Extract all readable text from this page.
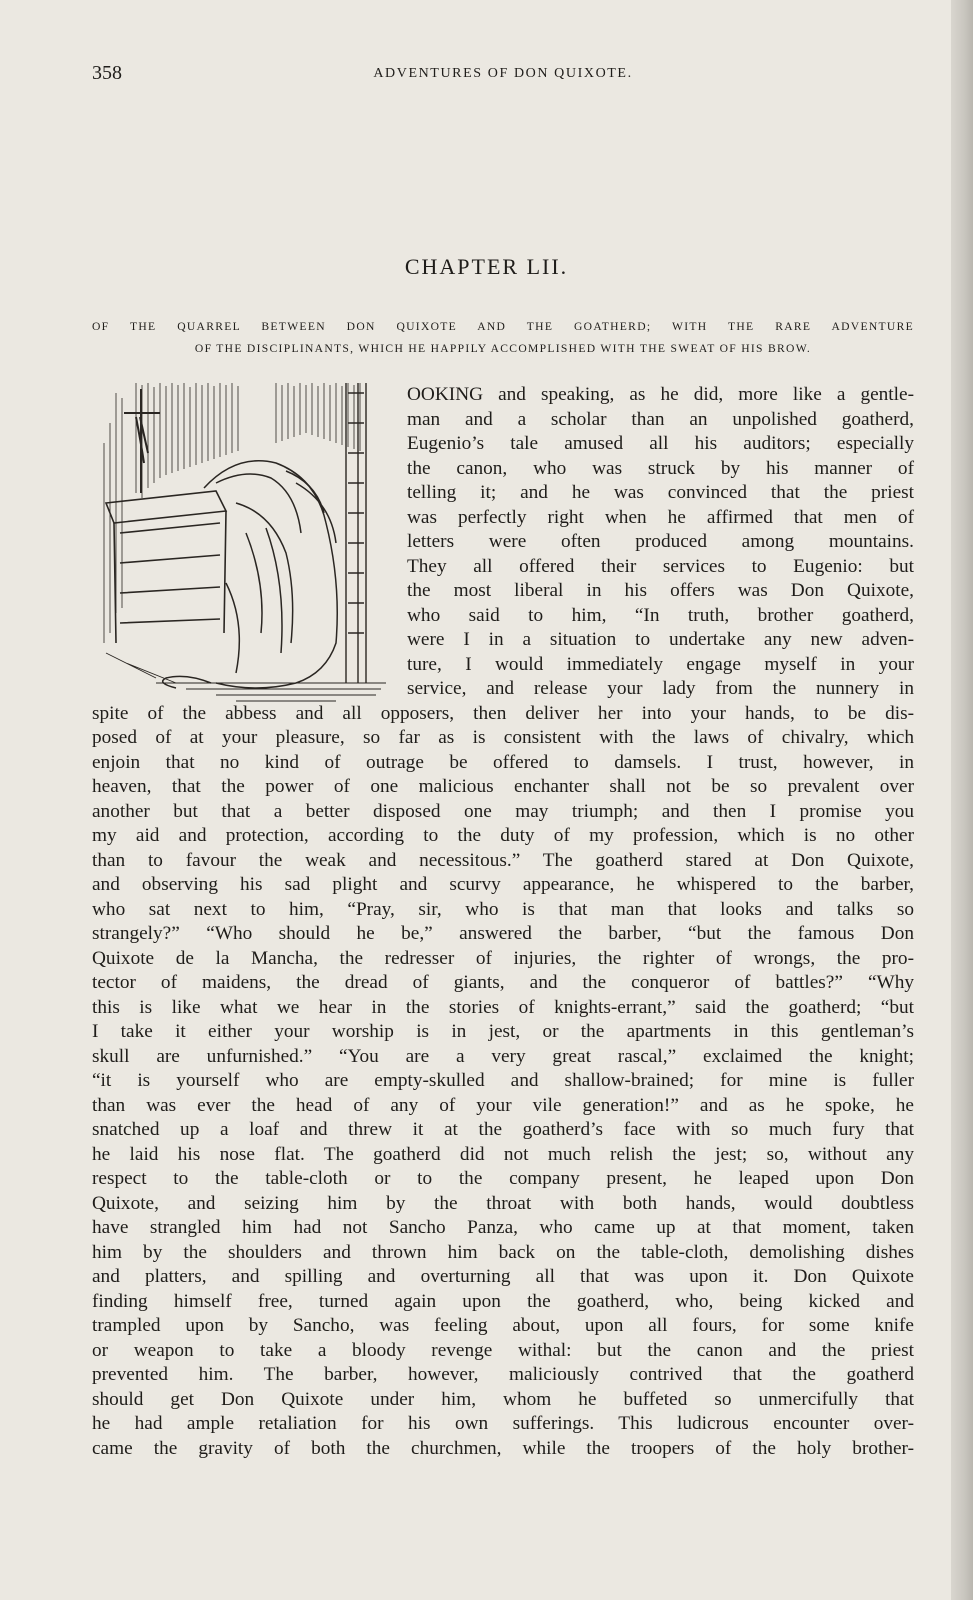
358	ADVENTURES OF DON QUIXOTE.
CHAPTER LII.
OF THE QUARREL BETWEEN DON QUIXOTE AND THE GOATHERD; WITH THE RARE ADVENTURE
OF THE DISCIPLINANTS, WHICH HE HAPPILY ACCOMPLISHED WITH THE SWEAT OF HIS BROW.
OOKING and speaking, as he did, more like a gentle-
man and a scholar than an unpolished goatherd,
Eugenio’s tale amused all his auditors; especially
the canon, who was struck by his manner of
telling it; and he was convinced that the priest
was perfectly right when he affirmed that men of
letters were often produced among mountains.
They all offered their services to Eugenio: but
the most liberal in his offers was Don Quixote,
who said to him, “In truth, brother goatherd,
were I in a situation to undertake any new adven-
ture, I would immediately engage myself in your
service, and release your lady from the nunnery in
spite of the abbess and all opposers, then deliver her into your hands, to be dis-
posed of at your pleasure, so far as is consistent with the laws of chivalry, which
enjoin that no kind of outrage be offered to damsels. I trust, however, in
heaven, that the power of one malicious enchanter shall not be so prevalent over
another but that a better disposed one may triumph; and then I promise you
my aid and protection, according to the duty of my profession, which is no other
than to favour the weak and necessitous.” The goatherd stared at Don Quixote,
and observing his sad plight and scurvy appearance, he whispered to the barber,
who sat next to him, “Pray, sir, who is that man that looks and talks so
strangely?” “Who should he be,” answered the barber, “but the famous Don
Quixote de la Mancha, the redresser of injuries, the righter of wrongs, the pro-
tector of maidens, the dread of giants, and the conqueror of battles?” “Why
this is like what we hear in the stories of knights-errant,” said the goatherd; “but
I take it either your worship is in jest, or the apartments in this gentleman’s
skull are unfurnished.” “You are a very great rascal,” exclaimed the knight;
“it is yourself who are empty-skulled and shallow-brained; for mine is fuller
than was ever the head of any of your vile generation!” and as he spoke, he
snatched up a loaf and threw it at the goatherd’s face with so much fury that
he laid his nose flat. The goatherd did not much relish the jest; so, without any
respect to the table-cloth or to the company present, he leaped upon Don
Quixote, and seizing him by the throat with both hands, would doubtless
have strangled him had not Sancho Panza, who came up at that moment, taken
him by the shoulders and thrown him back on the table-cloth, demolishing dishes
and platters, and spilling and overturning all that was upon it. Don Quixote
finding himself free, turned again upon the goatherd, who, being kicked and
trampled upon by Sancho, was feeling about, upon all fours, for some knife
or weapon to take a bloody revenge withal: but the canon and the priest
prevented him. The barber, however, maliciously contrived that the goatherd
should get Don Quixote under him, whom he buffeted so unmercifully that
he had ample retaliation for his own sufferings. This ludicrous encounter over-
came the gravity of both the churchmen, while the troopers of the holy brother-
